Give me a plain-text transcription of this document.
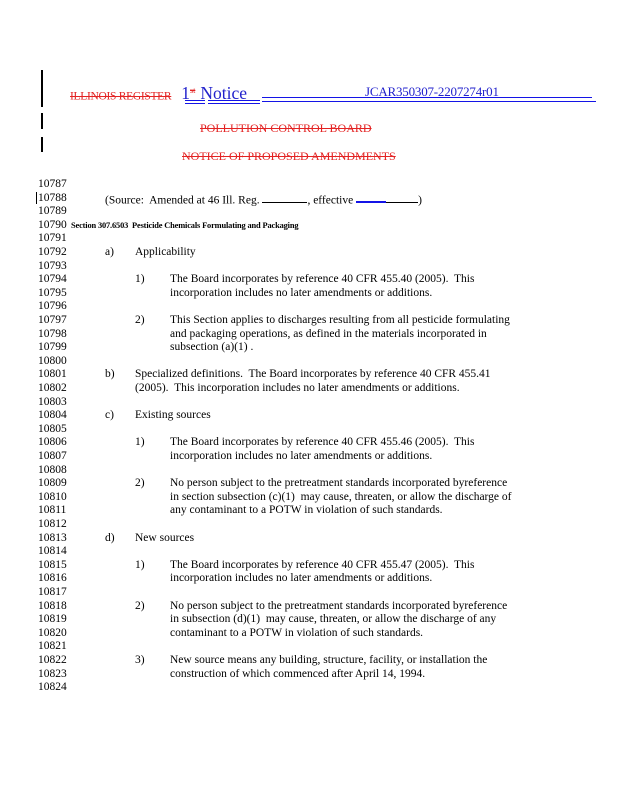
ILLINOIS REGISTER 1st Notice	JCAR350307-2207274r01
POLLUTION CONTROL BOARD
NOTICE OF PROPOSED AMENDMENTS
10787
10788	(Source:  Amended at 46 Ill. Reg.	, effective	)
10789
10790 Section 307.6503  Pesticide Chemicals Formulating and Packaging
10791
10792	a) Applicability
10793
10794	1) The Board incorporates by reference 40 CFR 455.40 (2005).  This
10795	incorporation includes no later amendments or additions.
10796
10797	2) This Section applies to discharges resulting from all pesticide formulating
10798	and packaging operations, as defined in the materials incorporated in
10799	subsection (a)(1) .
10800
10801	b) Specialized definitions.  The Board incorporates by reference 40 CFR 455.41
10802	(2005).  This incorporation includes no later amendments or additions.
10803
10804	c) Existing sources
10805
10806	1) The Board incorporates by reference 40 CFR 455.46 (2005).  This
10807	incorporation includes no later amendments or additions.
10808
10809	2) No person subject to the pretreatment standards incorporated byreference
10810	in section subsection (c)(1)  may cause, threaten, or allow the discharge of
10811	any contaminant to a POTW in violation of such standards.
10812
10813	d) New sources
10814
10815	1) The Board incorporates by reference 40 CFR 455.47 (2005).  This
10816	incorporation includes no later amendments or additions.
10817
10818	2) No person subject to the pretreatment standards incorporated byreference
10819	in subsection (d)(1)  may cause, threaten, or allow the discharge of any
10820	contaminant to a POTW in violation of such standards.
10821
10822	3) New source means any building, structure, facility, or installation the
10823	construction of which commenced after April 14, 1994.
10824
